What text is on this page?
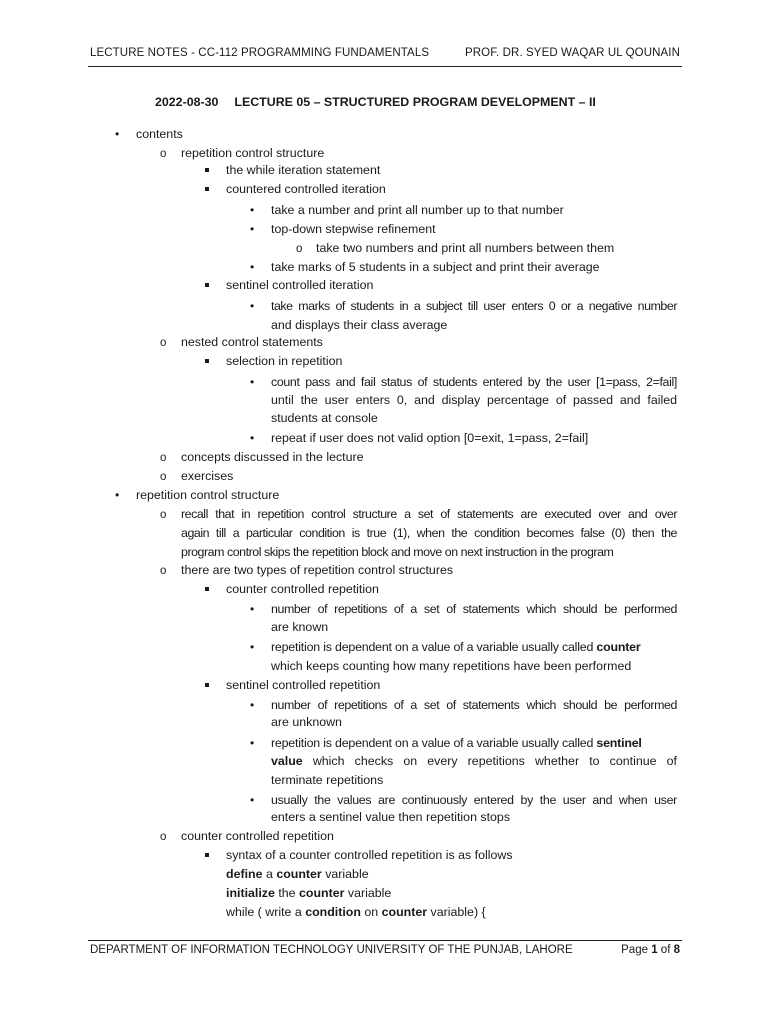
LECTURE NOTES - CC-112 PROGRAMMING FUNDAMENTALS	PROF. DR. SYED WAQAR UL QOUNAIN
2022-08-30 LECTURE 05 – STRUCTURED PROGRAM DEVELOPMENT – II
•
contents
o
repetition control structure
the while iteration statement
countered controlled iteration
•
take a number and print all number up to that number
•
top-down stepwise refinement
o
take two numbers and print all numbers between them
•
take marks of 5 students in a subject and print their average
sentinel controlled iteration
•
take marks of students in a subject till user enters 0 or a negative number
and displays their class average
o
nested control statements
selection in repetition
•
count pass and fail status of students entered by the user [1=pass, 2=fail]
until the user enters 0, and display percentage of passed and failed
students at console
•
repeat if user does not valid option [0=exit, 1=pass, 2=fail]
o
concepts discussed in the lecture
o
exercises
•
repetition control structure
o
recall that in repetition control structure a set of statements are executed over and over
again till a particular condition is true (1), when the condition becomes false (0) then the
program control skips the repetition block and move on next instruction in the program
o
there are two types of repetition control structures
counter controlled repetition
•
number of repetitions of a set of statements which should be performed
are known
•
repetition is dependent on a value of a variable usually called counter
which keeps counting how many repetitions have been performed
sentinel controlled repetition
•
number of repetitions of a set of statements which should be performed
are unknown
•
repetition is dependent on a value of a variable usually called sentinel
value which checks on every repetitions whether to continue of
terminate repetitions
•
usually the values are continuously entered by the user and when user
enters a sentinel value then repetition stops
o
counter controlled repetition
syntax of a counter controlled repetition is as follows
define a counter variable
initialize the counter variable
while ( write a condition on counter variable) {
DEPARTMENT OF INFORMATION TECHNOLOGY UNIVERSITY OF THE PUNJAB, LAHORE	Page 1 of 8
